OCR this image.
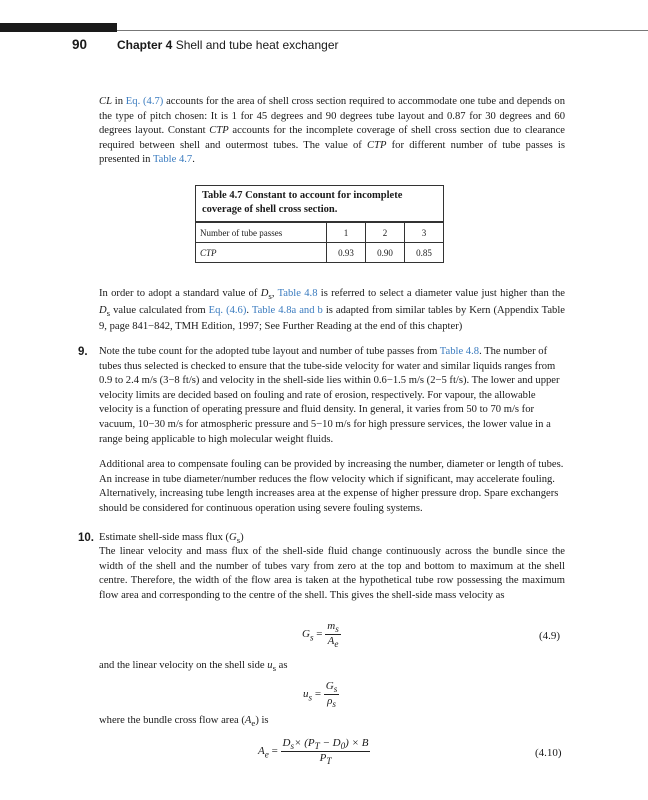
90 Chapter 4 Shell and tube heat exchanger
CL in Eq. (4.7) accounts for the area of shell cross section required to accommodate one tube and depends on the type of pitch chosen: It is 1 for 45 degrees and 90 degrees tube layout and 0.87 for 30 degrees and 60 degrees layout. Constant CTP accounts for the incomplete coverage of shell cross section due to clearance required between shell and outermost tubes. The value of CTP for different number of tube passes is presented in Table 4.7.
Table 4.7 Constant to account for incomplete coverage of shell cross section.			
Number of tube passes	1	2	3
CTP	0.93	0.90	0.85
In order to adopt a standard value of $D_s$, Table 4.8 is referred to select a diameter value just higher than the $D_s$ value calculated from Eq. (4.6). Table 4.8a and b is adapted from similar tables by Kern (Appendix Table 9, page 841−842, TMH Edition, 1997; See Further Reading at the end of this chapter)
9. Note the tube count for the adopted tube layout and number of tube passes from Table 4.8. The number of tubes thus selected is checked to ensure that the tube-side velocity for water and similar liquids ranges from 0.9 to 2.4 m/s (3−8 ft/s) and velocity in the shell-side lies within 0.6−1.5 m/s (2−5 ft/s). The lower and upper velocity limits are decided based on fouling and rate of erosion, respectively. For vapour, the allowable velocity is a function of operating pressure and fluid density. In general, it varies from 50 to 70 m/s for vacuum, 10−30 m/s for atmospheric pressure and 5−10 m/s for high pressure services, the lower value in a range being applicable to high molecular weight fluids.
Additional area to compensate fouling can be provided by increasing the number, diameter or length of tubes. An increase in tube diameter/number reduces the flow velocity which if significant, may accelerate fouling. Alternatively, increasing tube length increases area at the expense of higher pressure drop. Spare exchangers should be considered for continuous operation using severe fouling systems.
10. Estimate shell-side mass flux $(G_s)$
The linear velocity and mass flux of the shell-side fluid change continuously across the bundle since the width of the shell and the number of tubes vary from zero at the top and bottom to maximum at the shell centre. Therefore, the width of the flow area is taken at the hypothetical tube row possessing the maximum flow area and corresponding to the centre of the shell. This gives the shell-side mass velocity as
$G_s = \frac{m_s}{A_e}$	(4.9)
and the linear velocity on the shell side $u_s$ as
$u_s = \frac{G_s}{\rho_s}$
where the bundle cross flow area $(A_e)$ is
$A_e = \frac{D_s\times (P_T - D_0) \times B}{P_T}$	(4.10)
